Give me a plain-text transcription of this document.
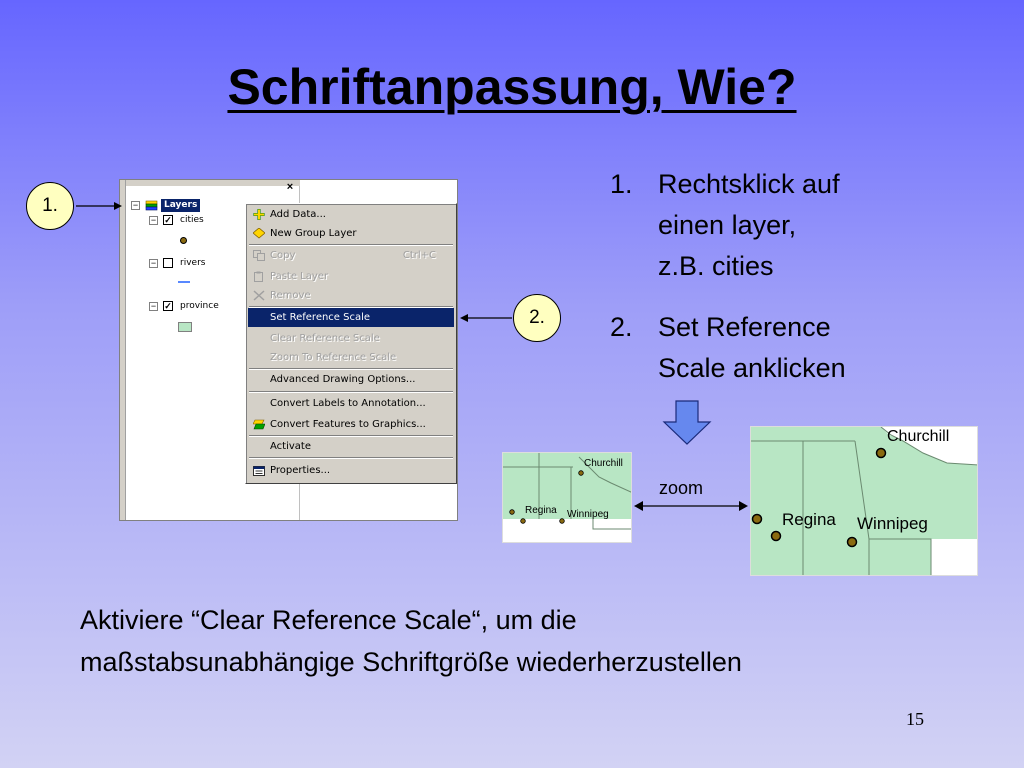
Schriftanpassung, Wie?
×
−	Layers
− ✓ cities
−	rivers
− ✓ province
Add Data...
New Group Layer
Copy	Ctrl+C
Paste Layer
Remove
Set Reference Scale
Clear Reference Scale
Zoom To Reference Scale
Advanced Drawing Options...
Convert Labels to Annotation...
Convert Features to Graphics...
Activate
Properties...
1.
2.
1. Rechtsklick auf
einen layer,
z.B. cities
2. Set Reference
Scale anklicken
Churchill
Regina Winnipeg
zoom
Churchill
Regina Winnipeg
Aktiviere “Clear Reference Scale“, um die
maßstabsunabhängige Schriftgröße wiederherzustellen
15
